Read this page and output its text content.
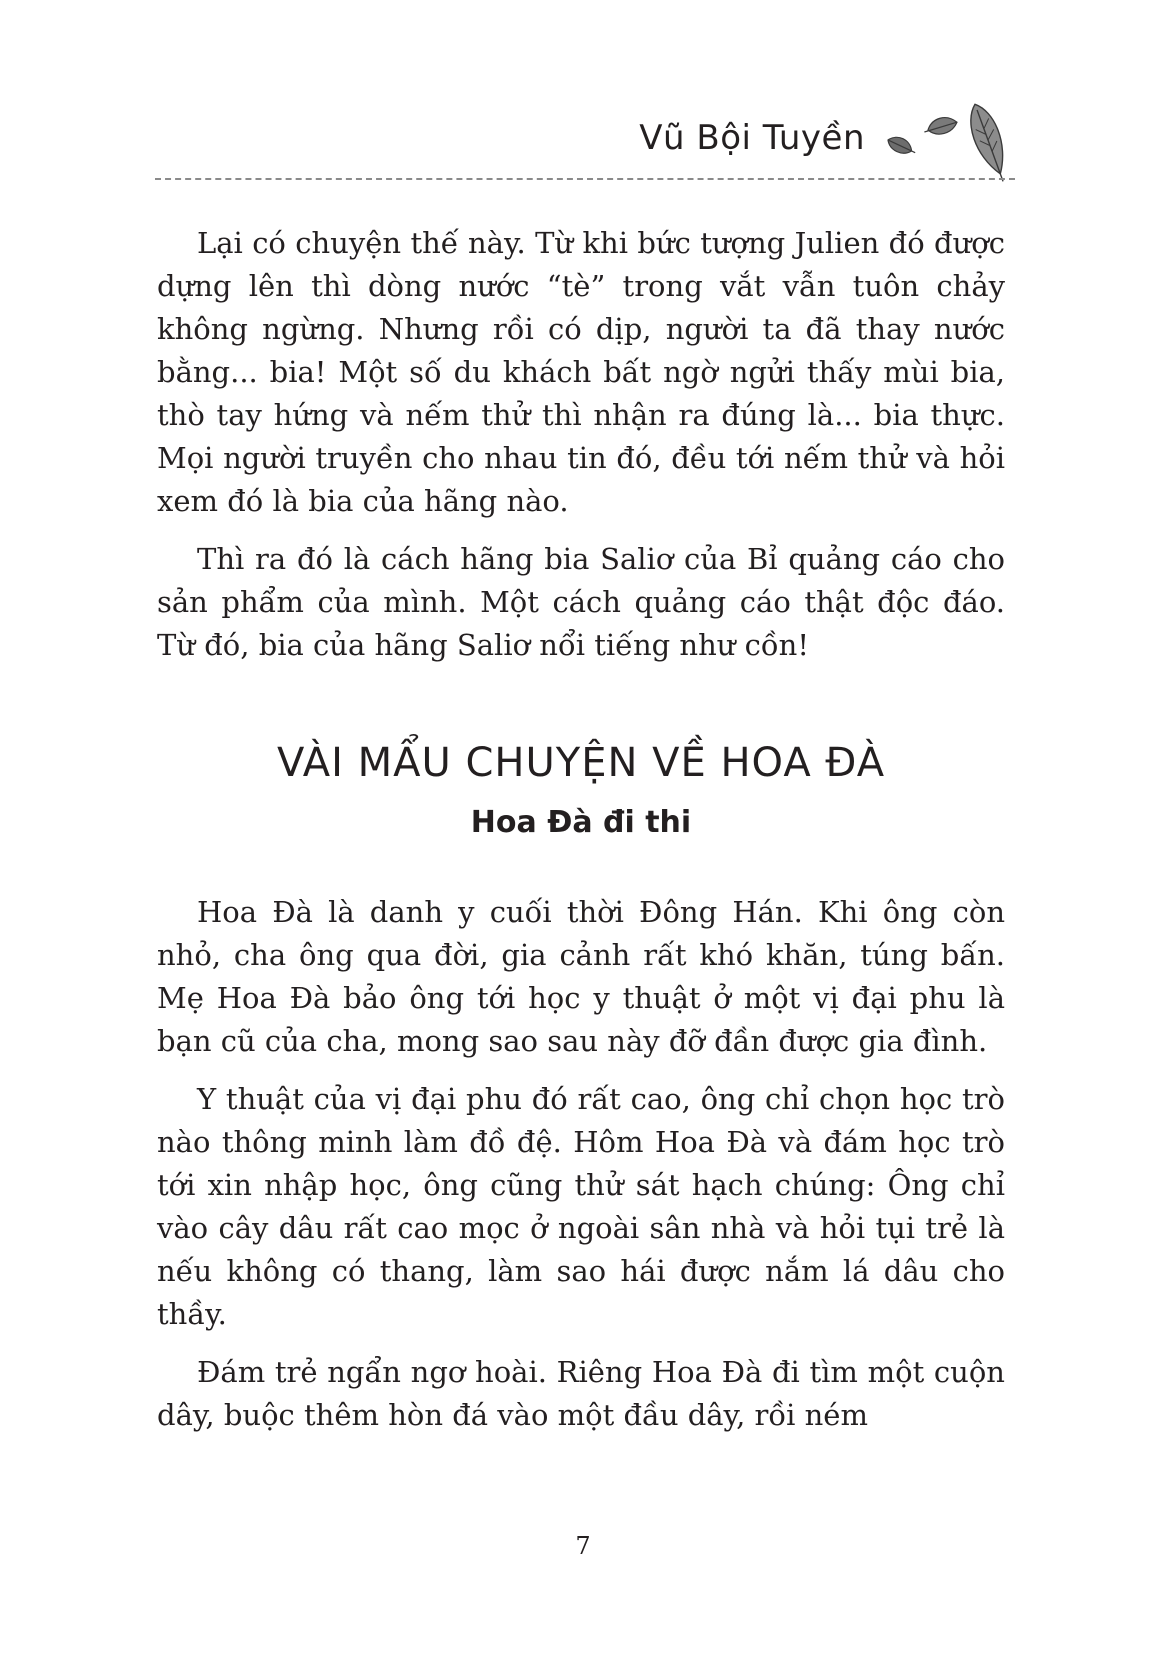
Vũ Bội Tuyền

Lại có chuyện thế này. Từ khi bức tượng Julien đó được dựng lên thì dòng nước “tè” trong vắt vẫn tuôn chảy không ngừng. Nhưng rồi có dịp, người ta đã thay nước bằng... bia! Một số du khách bất ngờ ngửi thấy mùi bia, thò tay hứng và nếm thử thì nhận ra đúng là... bia thực. Mọi người truyền cho nhau tin đó, đều tới nếm thử và hỏi xem đó là bia của hãng nào.

Thì ra đó là cách hãng bia Saliơ của Bỉ quảng cáo cho sản phẩm của mình. Một cách quảng cáo thật độc đáo. Từ đó, bia của hãng Saliơ nổi tiếng như cồn!

VÀI MẨU CHUYỆN VỀ HOA ĐÀ
Hoa Đà đi thi

Hoa Đà là danh y cuối thời Đông Hán. Khi ông còn nhỏ, cha ông qua đời, gia cảnh rất khó khăn, túng bấn. Mẹ Hoa Đà bảo ông tới học y thuật ở một vị đại phu là bạn cũ của cha, mong sao sau này đỡ đần được gia đình.

Y thuật của vị đại phu đó rất cao, ông chỉ chọn học trò nào thông minh làm đồ đệ. Hôm Hoa Đà và đám học trò tới xin nhập học, ông cũng thử sát hạch chúng: Ông chỉ vào cây dâu rất cao mọc ở ngoài sân nhà và hỏi tụi trẻ là nếu không có thang, làm sao hái được nắm lá dâu cho thầy.

Đám trẻ ngẩn ngơ hoài. Riêng Hoa Đà đi tìm một cuộn dây, buộc thêm hòn đá vào một đầu dây, rồi ném

7
